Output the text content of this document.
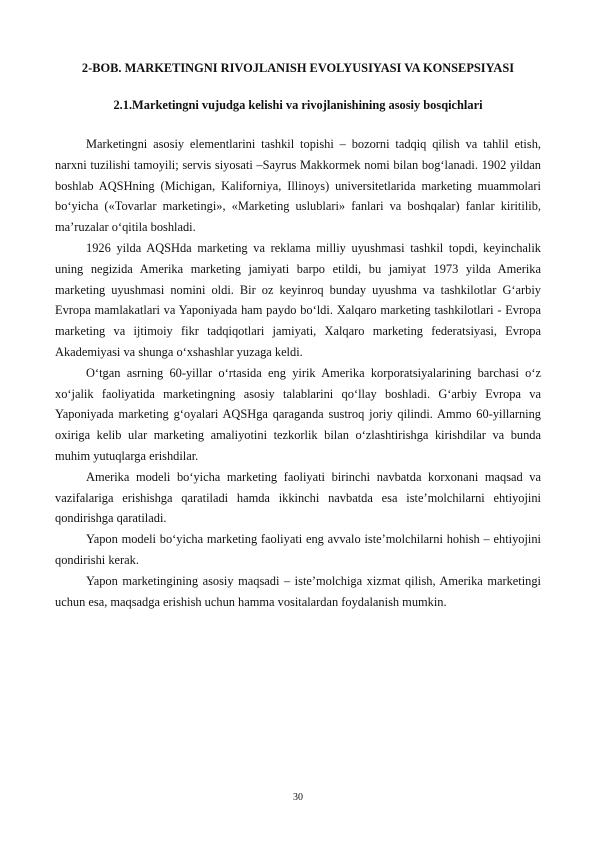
2-BOB. MARKETINGNI RIVOJLANISH EVOLYUSIYASI VA KONSEPSIYASI
2.1.Marketingni vujudga kelishi va rivojlanishining asosiy bosqichlari

Marketingni asosiy elementlarini tashkil topishi – bozorni tadqiq qilish va tahlil etish, narxni tuzilishi tamoyili; servis siyosati –Sayrus Makkormek nomi bilan bog‘lanadi. 1902 yildan boshlab AQSHning (Michigan, Kaliforniya, Illinoys) universitetlarida marketing muammolari bo‘yicha («Tovarlar marketingi», «Marketing uslublari» fanlari va boshqalar) fanlar kiritilib, ma’ruzalar o‘qitila boshladi.

1926 yilda AQSHda marketing va reklama milliy uyushmasi tashkil topdi, keyinchalik uning negizida Amerika marketing jamiyati barpo etildi, bu jamiyat 1973 yilda Amerika marketing uyushmasi nomini oldi. Bir oz keyinroq bunday uyushma va tashkilotlar G‘arbiy Evropa mamlakatlari va Yaponiyada ham paydo bo‘ldi. Xalqaro marketing tashkilotlari - Evropa marketing va ijtimoiy fikr tadqiqotlari jamiyati, Xalqaro marketing federatsiyasi, Evropa Akademiyasi va shunga o‘xshashlar yuzaga keldi.

O‘tgan asrning 60-yillar o‘rtasida eng yirik Amerika korporatsiyalarining barchasi o‘z xo‘jalik faoliyatida marketingning asosiy talablarini qo‘llay boshladi. G‘arbiy Evropa va Yaponiyada marketing g‘oyalari AQSHga qaraganda sustroq joriy qilindi. Ammo 60-yillarning oxiriga kelib ular marketing amaliyotini tezkorlik bilan o‘zlashtirishga kirishdilar va bunda muhim yutuqlarga erishdilar.

Amerika modeli bo‘yicha marketing faoliyati birinchi navbatda korxonani maqsad va vazifalariga erishishga qaratiladi hamda ikkinchi navbatda esa iste’molchilarni ehtiyojini qondirishga qaratiladi.

Yapon modeli bo‘yicha marketing faoliyati eng avvalo iste’molchilarni hohish – ehtiyojini qondirishi kerak.

Yapon marketingining asosiy maqsadi – iste’molchiga xizmat qilish, Amerika marketingi uchun esa, maqsadga erishish uchun hamma vositalardan foydalanish mumkin.

30
